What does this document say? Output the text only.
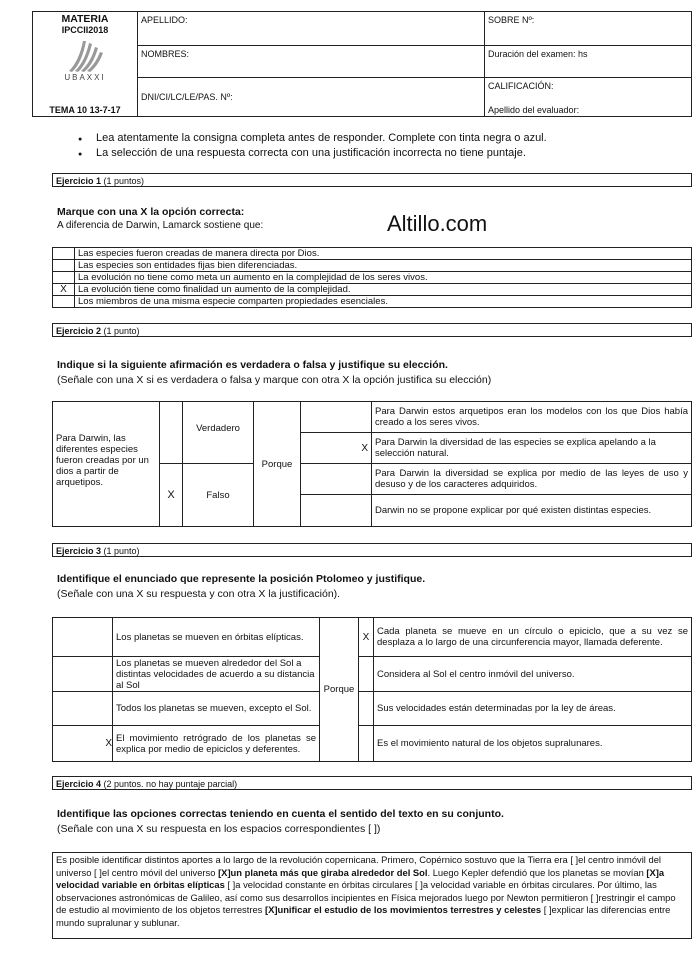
MATERIA
IPCCII2018
UBAXXI
TEMA 10 13-7-17	APELLIDO:	SOBRE Nº:
	NOMBRES:	Duración del examen: hs
	DNI/CI/LC/LE/PAS. Nº:	CALIFICACIÓN:
Apellido del evaluador:
● Lea atentamente la consigna completa antes de responder. Complete con tinta negra o azul.
● La selección de una respuesta correcta con una justificación incorrecta no tiene puntaje.
Ejercicio 1 (1 puntos)
Marque con una X la opción correcta:
A diferencia de Darwin, Lamarck sostiene que:	Altillo.com
	Las especies fueron creadas de manera directa por Dios.
	Las especies son entidades fijas bien diferenciadas.
	La evolución no tiene como meta un aumento en la complejidad de los seres vivos.
X	La evolución tiene como finalidad un aumento de la complejidad.
	Los miembros de una misma especie comparten propiedades esenciales.
Ejercicio 2 (1 punto)
Indique si la siguiente afirmación es verdadera o falsa y justifique su elección.
(Señale con una X si es verdadera o falsa y marque con otra X la opción justifica su elección)
Para Darwin, las diferentes especies fueron creadas por un dios a partir de arquetipos.		Verdadero	Porque		Para Darwin estos arquetipos eran los modelos con los que Dios había creado a los seres vivos.
				X	Para Darwin la diversidad de las especies se explica apelando a la selección natural.
	X	Falso			Para Darwin la diversidad se explica por medio de las leyes de uso y desuso y de los caracteres adquiridos.
					Darwin no se propone explicar por qué existen distintas especies.
Ejercicio 3 (1 punto)
Identifique el enunciado que represente la posición Ptolomeo y justifique.
(Señale con una X su respuesta y con otra X la justificación).
	Los planetas se mueven en órbitas elípticas.	Porque	X	Cada planeta se mueve en un círculo o epiciclo, que a su vez se desplaza a lo largo de una circunferencia mayor, llamada deferente.
	Los planetas se mueven alrededor del Sol a distintas velocidades de acuerdo a su distancia al Sol			Considera al Sol el centro inmóvil del universo.
	Todos los planetas se mueven, excepto el Sol.			Sus velocidades están determinadas por la ley de áreas.
X	El movimiento retrógrado de los planetas se explica por medio de epiciclos y deferentes.			Es el movimiento natural de los objetos supralunares.
Ejercicio 4 (2 puntos. no hay puntaje parcial)
Identifique las opciones correctas teniendo en cuenta el sentido del texto en su conjunto.
(Señale con una X su respuesta en los espacios correspondientes [ ])
Es posible identificar distintos aportes a lo largo de la revolución copernicana. Primero, Copérnico sostuvo que la Tierra era [ ]el centro inmóvil del universo [ ]el centro móvil del universo [X]un planeta más que giraba alrededor del Sol. Luego Kepler defendió que los planetas se movían [X]a velocidad variable en órbitas elípticas [ ]a velocidad constante en órbitas circulares [ ]a velocidad variable en órbitas circulares. Por último, las observaciones astronómicas de Galileo, así como sus desarrollos incipientes en Física mejorados luego por Newton permitieron [ ]restringir el campo de estudio al movimiento de los objetos terrestres [X]unificar el estudio de los movimientos terrestres y celestes [ ]explicar las diferencias entre mundo supralunar y sublunar.
